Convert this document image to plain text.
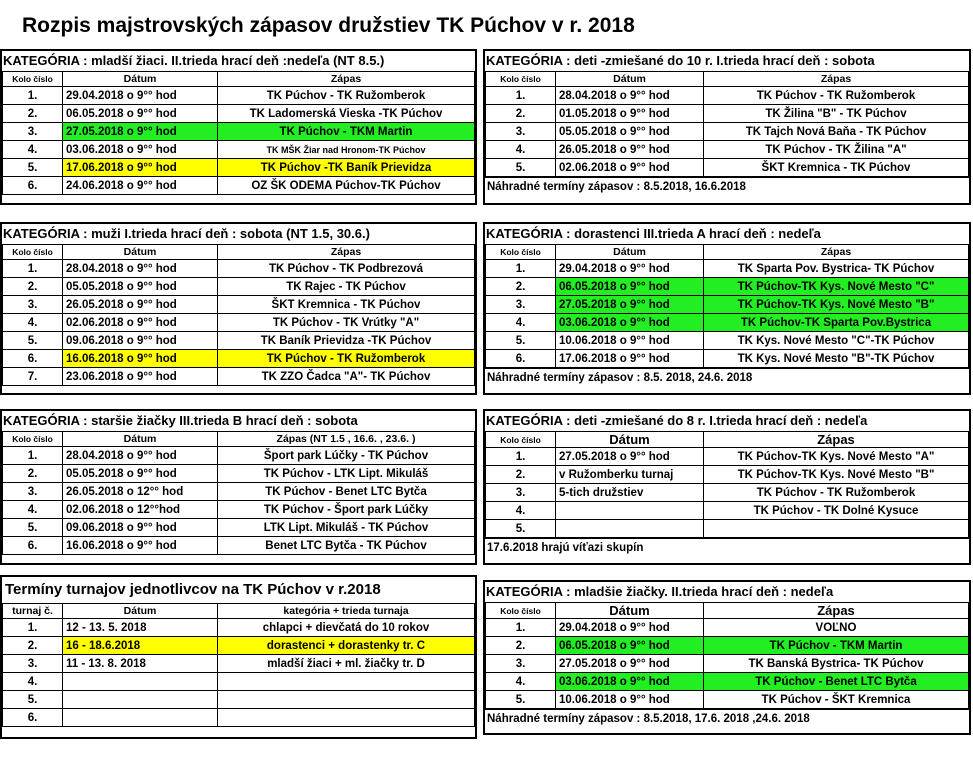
Rozpis majstrovských zápasov družstiev TK Púchov v r. 2018
KATEGÓRIA : mladší žiaci. II.trieda hrací deň :nedeľa (NT 8.5.)
Kolo číslo	Dátum	Zápas
1.	29.04.2018 o 9°° hod	TK Púchov - TK Ružomberok
2.	06.05.2018 o 9°° hod	TK Ladomerská Vieska -TK Púchov
3.	27.05.2018 o 9°° hod	TK Púchov - TKM Martin
4.	03.06.2018 o 9°° hod	TK MŠK Žiar nad Hronom-TK Púchov
5.	17.06.2018 o 9°° hod	TK Púchov -TK Baník Prievidza
6.	24.06.2018 o 9°° hod	OZ ŠK ODEMA Púchov-TK Púchov
KATEGÓRIA : deti -zmiešané do 10 r. I.trieda hrací deň : sobota
Kolo číslo	Dátum	Zápas
1.	28.04.2018 o 9°° hod	TK Púchov - TK Ružomberok
2.	01.05.2018 o 9°° hod	TK Žilina "B" - TK Púchov
3.	05.05.2018 o 9°° hod	TK Tajch Nová Baňa - TK Púchov
4.	26.05.2018 o 9°° hod	TK Púchov - TK Žilina "A"
5.	02.06.2018 o 9°° hod	ŠKT Kremnica - TK Púchov
Náhradné termíny zápasov : 8.5.2018, 16.6.2018
KATEGÓRIA : muži I.trieda hrací deň : sobota (NT 1.5, 30.6.)
Kolo číslo	Dátum	Zápas
1.	28.04.2018 o 9°° hod	TK Púchov - TK Podbrezová
2.	05.05.2018 o 9°° hod	TK Rajec - TK Púchov
3.	26.05.2018 o 9°° hod	ŠKT Kremnica - TK Púchov
4.	02.06.2018 o 9°° hod	TK Púchov - TK Vrútky "A"
5.	09.06.2018 o 9°° hod	TK Baník Prievidza -TK Púchov
6.	16.06.2018 o 9°° hod	TK Púchov - TK Ružomberok
7.	23.06.2018 o 9°° hod	TK ZZO Čadca "A"- TK Púchov
KATEGÓRIA : dorastenci III.trieda A hrací deň : nedeľa
Kolo číslo	Dátum	Zápas
1.	29.04.2018 o 9°° hod	TK Sparta Pov. Bystrica- TK Púchov
2.	06.05.2018 o 9°° hod	TK Púchov-TK Kys. Nové Mesto "C"
3.	27.05.2018 o 9°° hod	TK Púchov-TK Kys. Nové Mesto "B"
4.	03.06.2018 o 9°° hod	TK Púchov-TK Sparta Pov.Bystrica
5.	10.06.2018 o 9°° hod	TK Kys. Nové Mesto "C"-TK Púchov
6.	17.06.2018 o 9°° hod	TK Kys. Nové Mesto "B"-TK Púchov
Náhradné termíny zápasov : 8.5. 2018, 24.6. 2018
KATEGÓRIA : staršie žiačky III.trieda B hrací deň : sobota
Kolo číslo	Dátum	Zápas (NT 1.5 , 16.6. , 23.6. )
1.	28.04.2018 o 9°° hod	Šport park Lúčky - TK Púchov
2.	05.05.2018 o 9°° hod	TK Púchov - LTK Lipt. Mikuláš
3.	26.05.2018 o 12°° hod	TK Púchov - Benet LTC Bytča
4.	02.06.2018 o 12°°hod	TK Púchov - Šport park Lúčky
5.	09.06.2018 o 9°° hod	LTK Lipt. Mikuláš - TK Púchov
6.	16.06.2018 o 9°° hod	Benet LTC Bytča - TK Púchov
KATEGÓRIA : deti -zmiešané do 8 r. I.trieda hrací deň : nedeľa
Kolo číslo	Dátum	Zápas
1.	27.05.2018 o 9°° hod	TK Púchov-TK Kys. Nové Mesto "A"
2.	v Ružomberku turnaj	TK Púchov-TK Kys. Nové Mesto "B"
3.	5-tich družstiev	TK Púchov - TK Ružomberok
4.		TK Púchov - TK Dolné Kysuce
5.		
17.6.2018 hrajú víťazi skupín
Termíny turnajov jednotlivcov na TK Púchov v r.2018
turnaj č.	Dátum	kategória + trieda turnaja
1.	12 - 13. 5. 2018	chlapci + dievčatá do 10 rokov
2.	16 - 18.6.2018	dorastenci + dorastenky tr. C
3.	11 - 13. 8. 2018	mladší žiaci + ml. žiačky tr. D
4.		
5.		
6.		
KATEGÓRIA : mladšie žiačky. II.trieda hrací deň : nedeľa
Kolo číslo	Dátum	Zápas
1.	29.04.2018 o 9°° hod	VOĽNO
2.	06.05.2018 o 9°° hod	TK Púchov - TKM Martin
3.	27.05.2018 o 9°° hod	TK Banská Bystrica- TK Púchov
4.	03.06.2018 o 9°° hod	TK Púchov - Benet LTC Bytča
5.	10.06.2018 o 9°° hod	TK Púchov - ŠKT Kremnica
Náhradné termíny zápasov : 8.5.2018, 17.6. 2018 ,24.6. 2018
